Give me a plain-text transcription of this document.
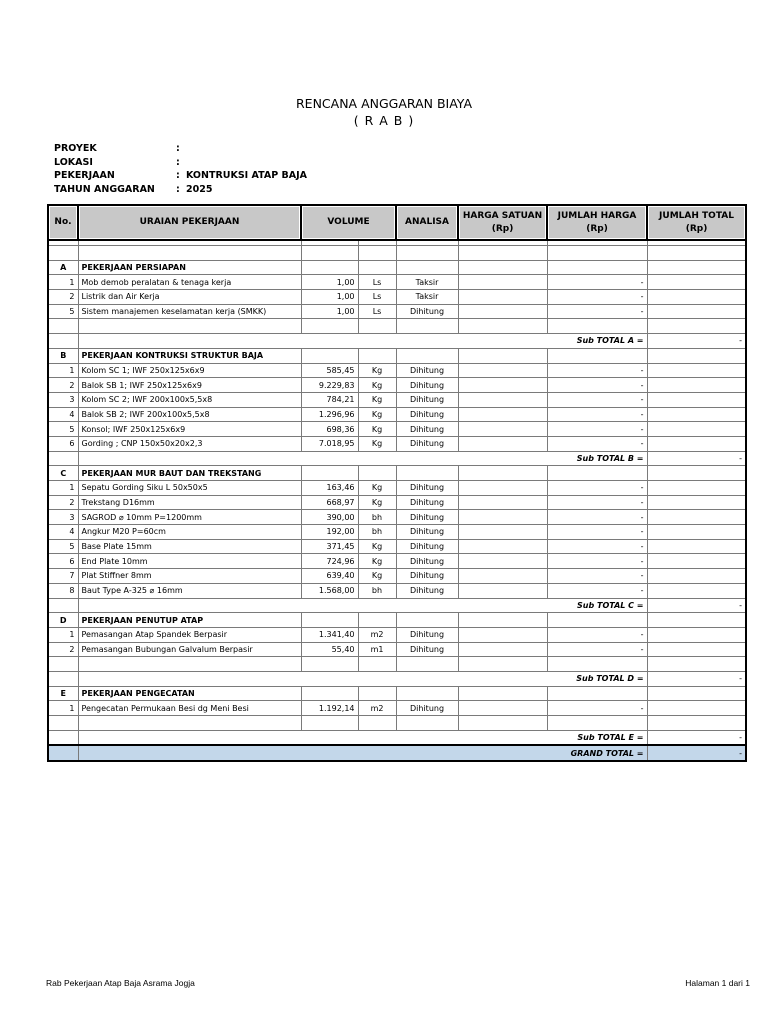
RENCANA ANGGARAN BIAYA
( R A B )
PROYEK	:
LOKASI	:
PEKERJAAN	: KONTRUKSI ATAP BAJA
TAHUN ANGGARAN : 2025
No.	URAIAN PEKERJAAN	VOLUME		ANALISA	HARGA SATUAN (Rp)	JUMLAH HARGA (Rp)	JUMLAH TOTAL (Rp)

A	PEKERJAAN PERSIAPAN						
1	Mob demob peralatan & tenaga kerja	1,00	Ls	Taksir		-	
2	Listrik dan Air Kerja	1,00	Ls	Taksir		-	
5	Sistem manajemen keselamatan kerja (SMKK)	1,00	Ls	Dihitung		-	

	Sub TOTAL A =						-
B	PEKERJAAN KONTRUKSI STRUKTUR BAJA						
1	Kolom SC 1; IWF 250x125x6x9	585,45	Kg	Dihitung		-	
2	Balok SB 1; IWF 250x125x6x9	9.229,83	Kg	Dihitung		-	
3	Kolom SC 2; IWF 200x100x5,5x8	784,21	Kg	Dihitung		-	
4	Balok SB 2; IWF 200x100x5,5x8	1.296,96	Kg	Dihitung		-	
5	Konsol; IWF 250x125x6x9	698,36	Kg	Dihitung		-	
6	Gording ; CNP 150x50x20x2,3	7.018,95	Kg	Dihitung		-	
	Sub TOTAL B =						-
C	PEKERJAAN MUR BAUT DAN TREKSTANG						
1	Sepatu Gording Siku L 50x50x5	163,46	Kg	Dihitung		-	
2	Trekstang D16mm	668,97	Kg	Dihitung		-	
3	SAGROD ⌀ 10mm P=1200mm	390,00	bh	Dihitung		-	
4	Angkur M20 P=60cm	192,00	bh	Dihitung		-	
5	Base Plate 15mm	371,45	Kg	Dihitung		-	
6	End Plate 10mm	724,96	Kg	Dihitung		-	
7	Plat Stiffner 8mm	639,40	Kg	Dihitung		-	
8	Baut Type A-325 ⌀ 16mm	1.568,00	bh	Dihitung		-	
	Sub TOTAL C =						-
D	PEKERJAAN PENUTUP ATAP						
1	Pemasangan Atap Spandek Berpasir	1.341,40	m2	Dihitung		-	
2	Pemasangan Bubungan Galvalum Berpasir	55,40	m1	Dihitung		-	

	Sub TOTAL D =						-
E	PEKERJAAN PENGECATAN						
1	Pengecatan Permukaan Besi dg Meni Besi	1.192,14	m2	Dihitung		-	

	Sub TOTAL E =						-
	GRAND TOTAL =						-
Rab Pekerjaan Atap Baja Asrama Jogja	Halaman 1 dari 1
